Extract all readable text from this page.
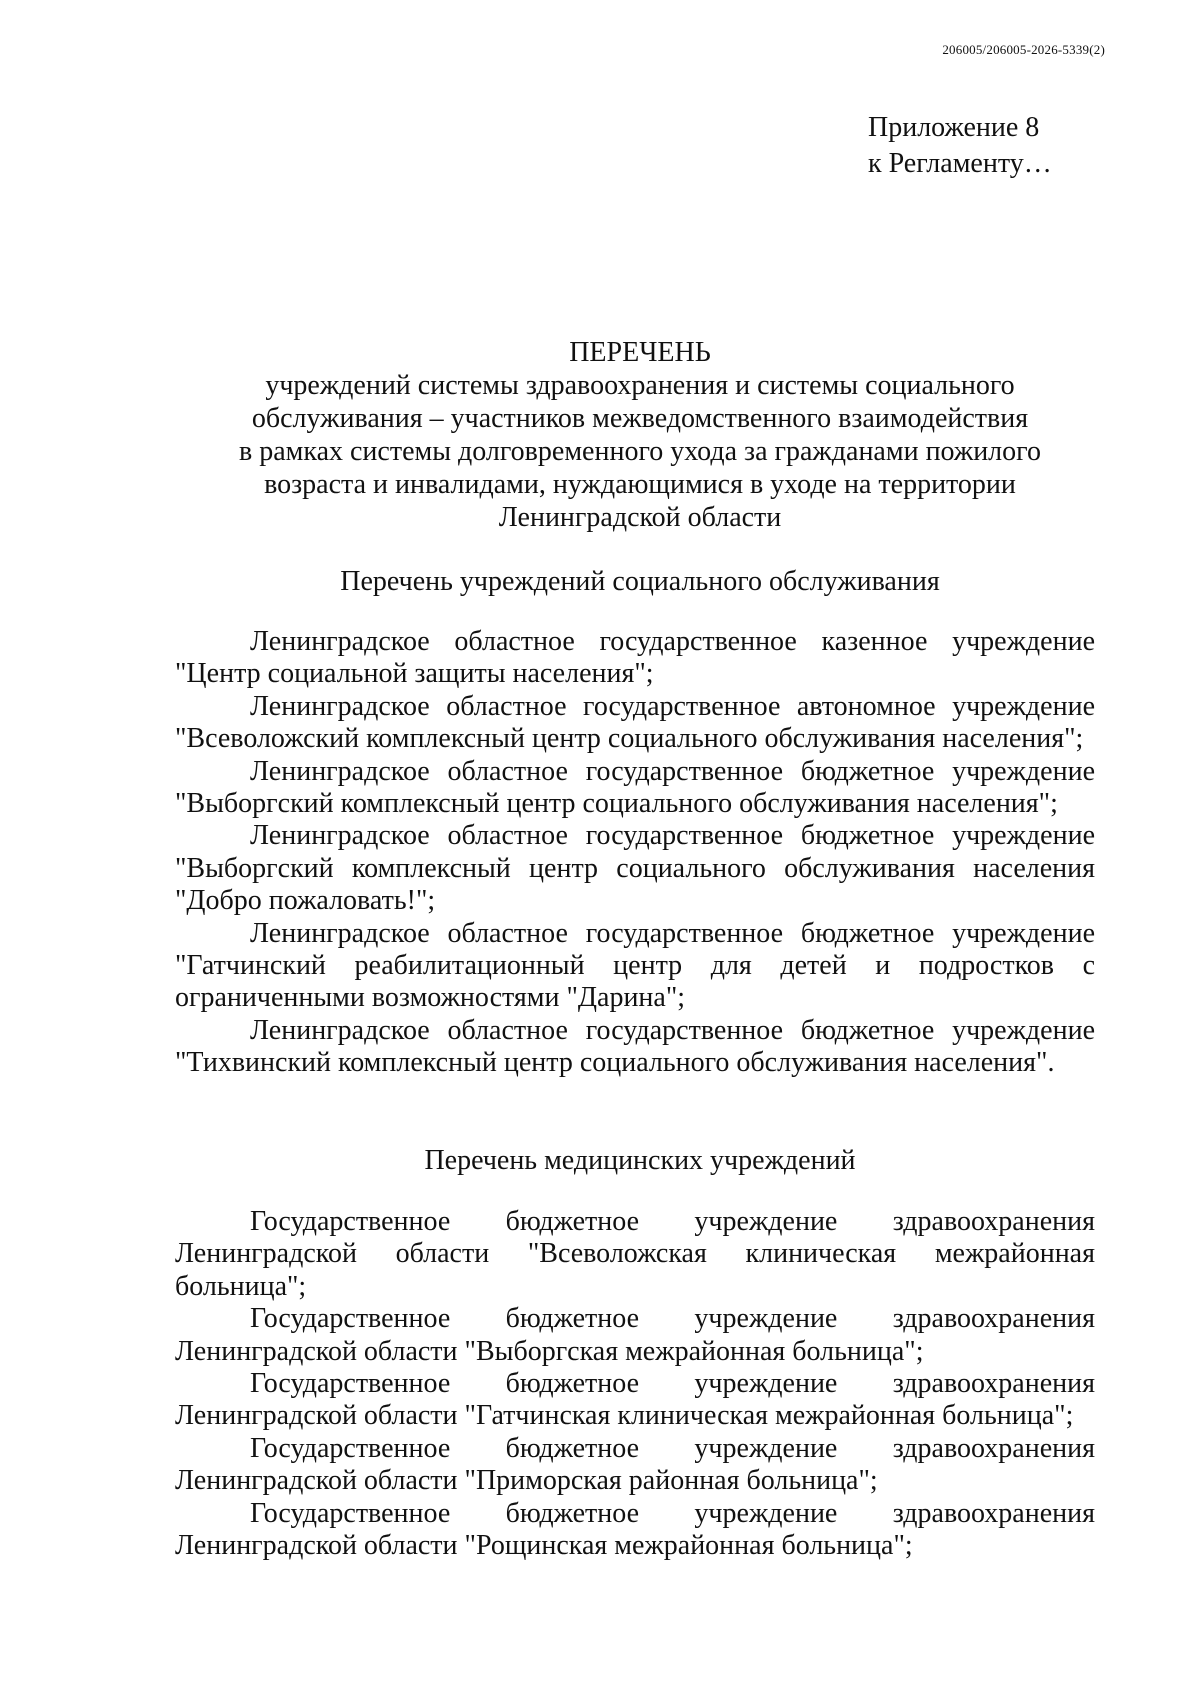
206005/206005-2026-5339(2)
Приложение 8
к Регламенту…
ПЕРЕЧЕНЬ
учреждений системы здравоохранения и системы социального
обслуживания – участников межведомственного взаимодействия
в рамках системы долговременного ухода за гражданами пожилого
возраста и инвалидами, нуждающимися в уходе на территории
Ленинградской области
Перечень учреждений социального обслуживания

Ленинградское областное государственное казенное учреждение "Центр социальной защиты населения";

Ленинградское областное государственное автономное учреждение "Всеволожский комплексный центр социального обслуживания населения";

Ленинградское областное государственное бюджетное учреждение "Выборгский комплексный центр социального обслуживания населения";

Ленинградское областное государственное бюджетное учреждение "Выборгский комплексный центр социального обслуживания населения "Добро пожаловать!";

Ленинградское областное государственное бюджетное учреждение "Гатчинский реабилитационный центр для детей и подростков с ограниченными возможностями "Дарина";

Ленинградское областное государственное бюджетное учреждение "Тихвинский комплексный центр социального обслуживания населения".

Перечень медицинских учреждений

Государственное бюджетное учреждение здравоохранения Ленинградской области "Всеволожская клиническая межрайонная больница";

Государственное бюджетное учреждение здравоохранения Ленинградской области "Выборгская межрайонная больница";

Государственное бюджетное учреждение здравоохранения Ленинградской области "Гатчинская клиническая межрайонная больница";

Государственное бюджетное учреждение здравоохранения Ленинградской области "Приморская районная больница";

Государственное бюджетное учреждение здравоохранения Ленинградской области "Рощинская межрайонная больница";
